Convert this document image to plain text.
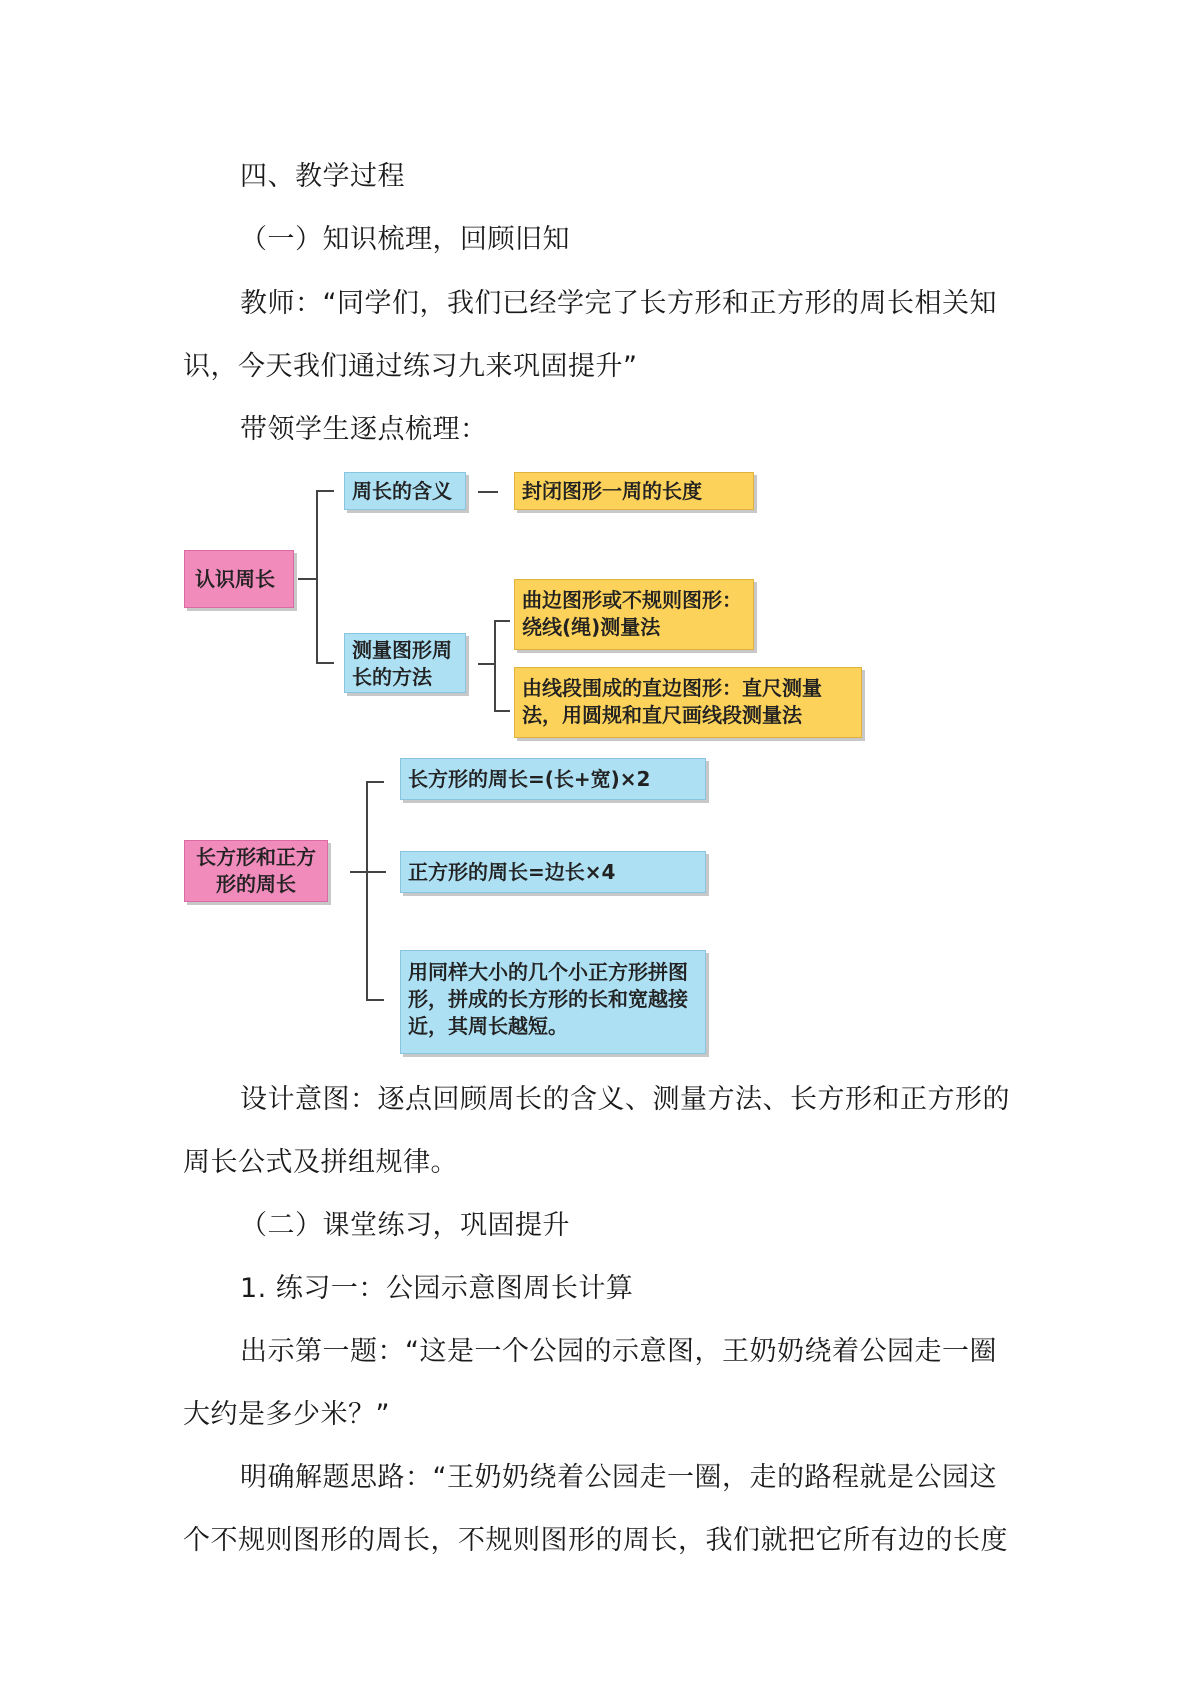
四、教学过程
（一）知识梳理，回顾旧知
教师：“同学们，我们已经学完了长方形和正方形的周长相关知
识，今天我们通过练习九来巩固提升”
带领学生逐点梳理：
认识周长
周长的含义	封闭图形一周的长度
测量图形周长的方法
曲边图形或不规则图形：绕线(绳)测量法
由线段围成的直边图形：直尺测量法，用圆规和直尺画线段测量法
长方形和正方形的周长
长方形的周长=(长+宽)×2
正方形的周长=边长×4
用同样大小的几个小正方形拼图形，拼成的长方形的长和宽越接近，其周长越短。
设计意图：逐点回顾周长的含义、测量方法、长方形和正方形的
周长公式及拼组规律。
（二）课堂练习，巩固提升
1. 练习一：公园示意图周长计算
出示第一题：“这是一个公园的示意图，王奶奶绕着公园走一圈
大约是多少米？”
明确解题思路：“王奶奶绕着公园走一圈，走的路程就是公园这
个不规则图形的周长，不规则图形的周长，我们就把它所有边的长度
